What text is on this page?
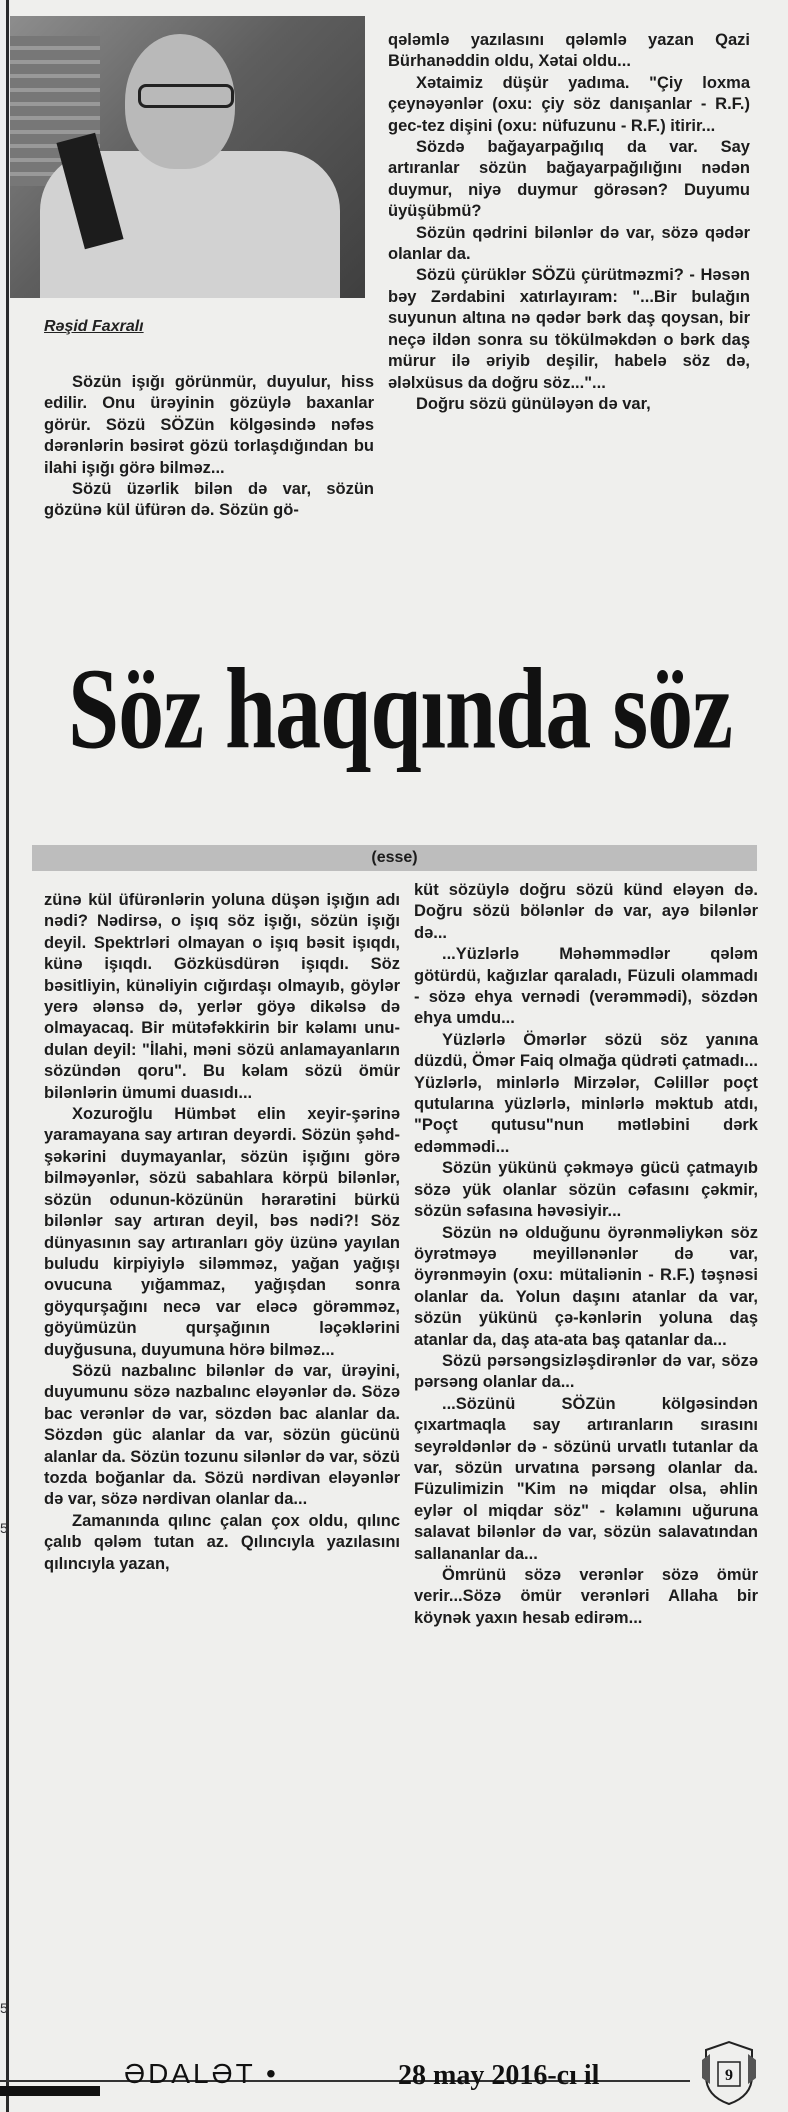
Rəşid Faxralı

Sözün işığı görünmür, duyulur, hiss edilir. Onu ürəyinin gözüylə baxanlar görür. Sözü SÖZün kölgəsində nəfəs dərənlərin bəsirət gözü torlaşdığından bu ilahi işığı görə bilməz...

Sözü üzərlik bilən də var, sözün gözünə kül üfürən də. Sözün gö-

qələmlə yazılasını qələmlə yazan Qazi Bürhanəddin oldu, Xətai oldu...

Xətaimiz düşür yadıma. "Çiy loxma çeynəyənlər (oxu: çiy söz danışanlar - R.F.) gec-tez dişini (oxu: nüfuzunu - R.F.) itirir...

Sözdə bağayarpağılıq da var. Say artıranlar sözün bağayarpağılığını nədən duymur, niyə duymur görəsən? Duyumu üyüşübmü?

Sözün qədrini bilənlər də var, sözə qədər olanlar da.

Sözü çürüklər SÖZü çürütməzmi? - Həsən bəy Zərdabini xatırlayıram: "...Bir bulağın suyunun altına nə qədər bərk daş qoysan, bir neçə ildən sonra su tökülməkdən o bərk daş mürur ilə əriyib deşilir, habelə söz də, ələlxüsus da doğru söz..."...

Doğru sözü günüləyən də var,

Söz haqqında söz
(esse)

zünə kül üfürənlərin yoluna düşən işığın adı nədi? Nədirsə, o işıq söz işığı, sözün işığı deyil. Spektrləri olmayan o işıq bəsit işıqdı, künə işıqdı. Gözküsdürən işıqdı. Söz bəsitliyin, künəliyin cığırdaşı olmayıb, göylər yerə ələnsə də, yerlər göyə dikəlsə də olmayacaq. Bir mütəfəkkirin bir kəlamı unu-dulan deyil: "İlahi, məni sözü anlamayanların sözündən qoru". Bu kəlam sözü ömür bilənlərin ümumi duasıdı...

Xozuroğlu Hümbət elin xeyir-şərinə yaramayana say artıran deyərdi. Sözün şəhd-şəkərini duymayanlar, sözün işığını görə bilməyənlər, sözü sabahlara körpü bilənlər, sözün odunun-közünün hərarətini bürkü bilənlər say artıran deyil, bəs nədi?! Söz dünyasının say artıranları göy üzünə yayılan buludu kirpiyiylə siləmməz, yağan yağışı ovucuna yığammaz, yağışdan sonra göyqurşağını necə var eləcə görəmməz, göyümüzün qurşağının ləçəklərini duyğusuna, duyumuna hörə bilməz...

Sözü nazbalınc bilənlər də var, ürəyini, duyumunu sözə nazbalınc eləyənlər də. Sözə bac verənlər də var, sözdən bac alanlar da. Sözdən güc alanlar da var, sözün gücünü alanlar da. Sözün tozunu silənlər də var, sözü tozda boğanlar da. Sözü nərdivan eləyənlər də var, sözə nərdivan olanlar da...

Zamanında qılınc çalan çox oldu, qılınc çalıb qələm tutan az. Qılıncıyla yazılasını qılıncıyla yazan,

küt sözüylə doğru sözü künd eləyən də. Doğru sözü bölənlər də var, ayə bilənlər də...

...Yüzlərlə Məhəmmədlər qələm götürdü, kağızlar qaraladı, Füzuli olammadı - sözə ehya vernədi (verəmmədi), sözdən ehya umdu...

Yüzlərlə Ömərlər sözü söz yanına düzdü, Ömər Faiq olmağa qüdrəti çatmadı... Yüzlərlə, minlərlə Mirzələr, Cəlillər poçt qutularına yüzlərlə, minlərlə məktub atdı, "Poçt qutusu"nun mətləbini dərk edəmmədi...

Sözün yükünü çəkməyə gücü çatmayıb sözə yük olanlar sözün cəfasını çəkmir, sözün səfasına həvəsiyir...

Sözün nə olduğunu öyrənməliykən söz öyrətməyə meyillənənlər də var, öyrənməyin (oxu: mütaliənin - R.F.) təşnəsi olanlar da. Yolun daşını atanlar da var, sözün yükünü çə-kənlərin yoluna daş atanlar da, daş ata-ata baş qatanlar da...

Sözü pərsəngsizləşdirənlər də var, sözə pərsəng olanlar da...

...Sözünü SÖZün kölgəsindən çıxartmaqla say artıranların sırasını seyrəldənlər də - sözünü urvatlı tutanlar da var, sözün urvatına pərsəng olanlar da. Füzulimizin "Kim nə miqdar olsa, əhlin eylər ol miqdar söz" - kəlamını uğuruna salavat bilənlər də var, sözün salavatından sallananlar da...

Ömrünü sözə verənlər sözə ömür verir...Sözə ömür verənləri Allaha bir köynək yaxın hesab edirəm...

5
5
ƏDALƏT •	28 may 2016-cı il	9
